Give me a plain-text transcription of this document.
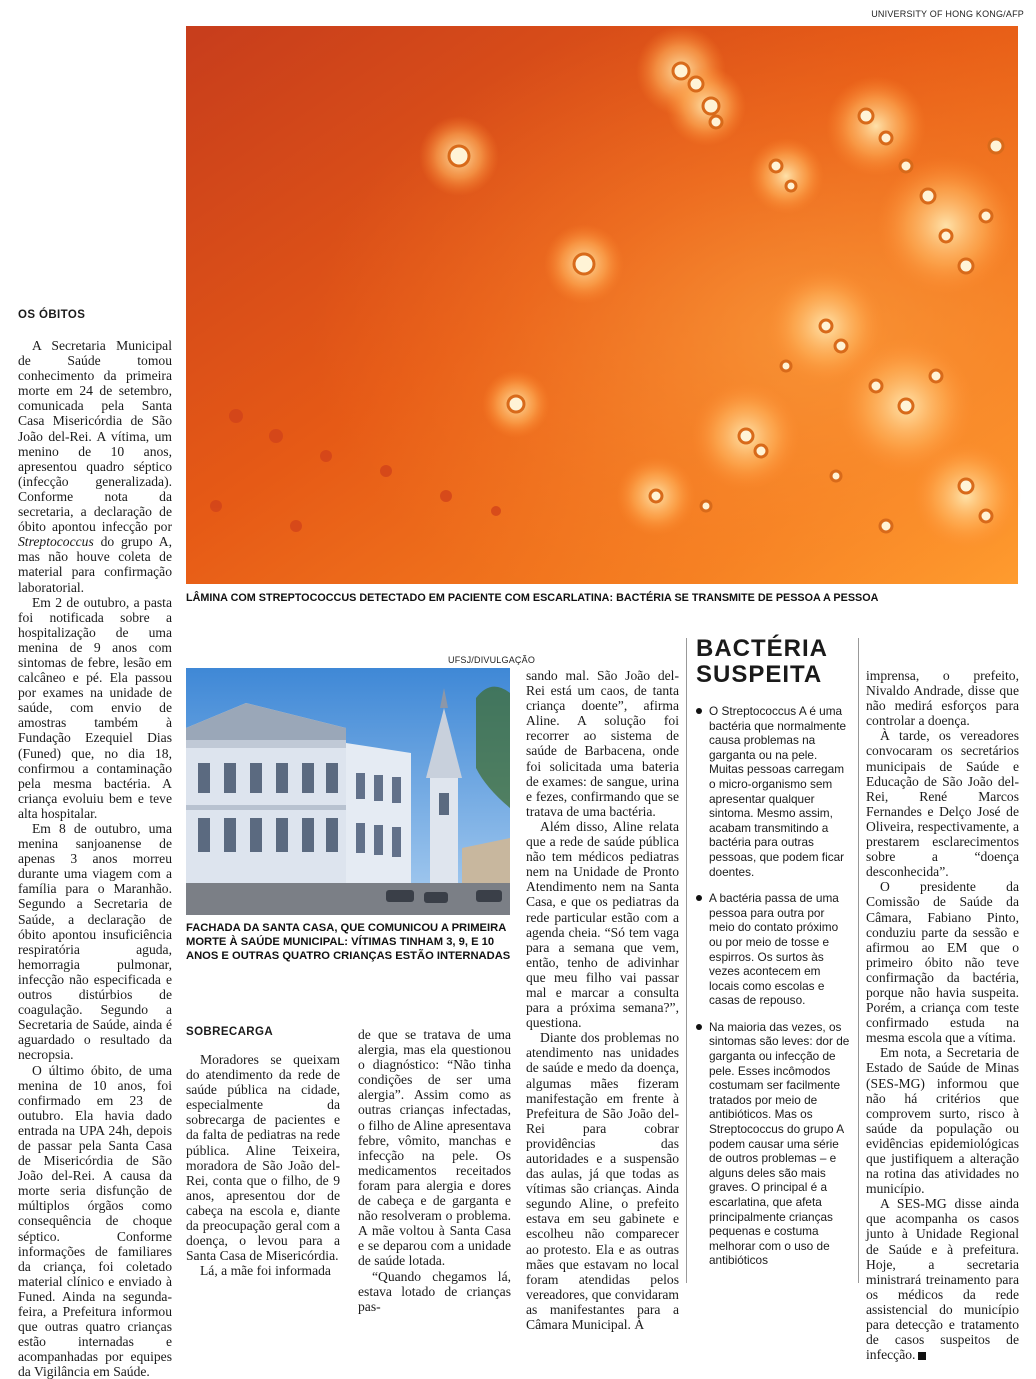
UNIVERSITY OF HONG KONG/AFP
LÂMINA COM STREPTOCOCCUS DETECTADO EM PACIENTE COM ESCARLATINA: BACTÉRIA SE TRANSMITE DE PESSOA A PESSOA
OS ÓBITOS

A Secretaria Municipal de Saúde tomou conhecimento da primeira morte em 24 de setembro, comunicada pela Santa Casa Misericórdia de São João del-Rei. A vítima, um menino de 10 anos, apresentou quadro séptico (infecção generalizada). Conforme nota da secretaria, a declaração de óbito apontou infecção por Streptococcus do grupo A, mas não houve coleta de material para confirmação laboratorial.

Em 2 de outubro, a pasta foi notificada sobre a hospitalização de uma menina de 9 anos com sintomas de febre, lesão em calcâneo e pé. Ela passou por exames na unidade de saúde, com envio de amostras também à Fundação Ezequiel Dias (Funed) que, no dia 18, confirmou a contaminação pela mesma bactéria. A criança evoluiu bem e teve alta hospitalar.

Em 8 de outubro, uma menina sanjoanense de apenas 3 anos morreu durante uma viagem com a família para o Maranhão. Segundo a Secretaria de Saúde, a declaração de óbito apontou insuficiência respiratória aguda, hemorragia pulmonar, infecção não especificada e outros distúrbios de coagulação. Segundo a Secretaria de Saúde, ainda é aguardado o resultado da necropsia.

O último óbito, de uma menina de 10 anos, foi confirmado em 23 de outubro. Ela havia dado entrada na UPA 24h, depois de passar pela Santa Casa de Misericórdia de São João del-Rei. A causa da morte seria disfunção de múltiplos órgãos como consequência de choque séptico. Conforme informações de familiares da criança, foi coletado material clínico e enviado à Funed. Ainda na segunda-feira, a Prefeitura informou que outras quatro crianças estão internadas e acompanhadas por equipes da Vigilância em Saúde.

UFSJ/DIVULGAÇÃO
FACHADA DA SANTA CASA, QUE COMUNICOU A PRIMEIRA MORTE À SAÚDE MUNICIPAL: VÍTIMAS TINHAM 3, 9, E 10 ANOS E OUTRAS QUATRO CRIANÇAS ESTÃO INTERNADAS
SOBRECARGA

Moradores se queixam do atendimento da rede de saúde pública na cidade, especialmente da sobrecarga de pacientes e da falta de pediatras na rede pública. Aline Teixeira, moradora de São João del-Rei, conta que o filho, de 9 anos, apresentou dor de cabeça na escola e, diante da preocupação geral com a doença, o levou para a Santa Casa de Misericórdia.

Lá, a mãe foi informada

de que se tratava de uma alergia, mas ela questionou o diagnóstico: “Não tinha condições de ser uma alergia”. Assim como as outras crianças infectadas, o filho de Aline apresentava febre, vômito, manchas e infecção na pele. Os medicamentos receitados foram para alergia e dores de cabeça e de garganta e não resolveram o problema. A mãe voltou à Santa Casa e se deparou com a unidade de saúde lotada.

“Quando chegamos lá, estava lotado de crianças pas-

sando mal. São João del-Rei está um caos, de tanta criança doente”, afirma Aline. A solução foi recorrer ao sistema de saúde de Barbacena, onde foi solicitada uma bateria de exames: de sangue, urina e fezes, confirmando que se tratava de uma bactéria.

Além disso, Aline relata que a rede de saúde pública não tem médicos pediatras nem na Unidade de Pronto Atendimento nem na Santa Casa, e que os pediatras da rede particular estão com a agenda cheia. “Só tem vaga para a semana que vem, então, tenho de adivinhar que meu filho vai passar mal e marcar a consulta para a próxima semana?”, questiona.

Diante dos problemas no atendimento nas unidades de saúde e medo da doença, algumas mães fizeram manifestação em frente à Prefeitura de São João del-Rei para cobrar providências das autoridades e a suspensão das aulas, já que todas as vítimas são crianças. Ainda segundo Aline, o prefeito estava em seu gabinete e escolheu não comparecer ao protesto. Ela e as outras mães que estavam no local foram atendidas pelos vereadores, que convidaram as manifestantes para a Câmara Municipal. À

BACTÉRIA
SUSPEITA
O Streptococcus A é uma bactéria que normalmente causa problemas na garganta ou na pele. Muitas pessoas carregam o micro-organismo sem apresentar qualquer sintoma. Mesmo assim, acabam transmitindo a bactéria para outras pessoas, que podem ficar doentes.
A bactéria passa de uma pessoa para outra por meio do contato próximo ou por meio de tosse e espirros. Os surtos às vezes acontecem em locais como escolas e casas de repouso.
Na maioria das vezes, os sintomas são leves: dor de garganta ou infecção de pele. Esses incômodos costumam ser facilmente tratados por meio de antibióticos. Mas os Streptococcus do grupo A podem causar uma série de outros problemas – e alguns deles são mais graves. O principal é a escarlatina, que afeta principalmente crianças pequenas e costuma melhorar com o uso de antibióticos

imprensa, o prefeito, Nivaldo Andrade, disse que não medirá esforços para controlar a doença.

À tarde, os vereadores convocaram os secretários municipais de Saúde e Educação de São João del-Rei, René Marcos Fernandes e Delço José de Oliveira, respectivamente, a prestarem esclarecimentos sobre a “doença desconhecida”.

O presidente da Comissão de Saúde da Câmara, Fabiano Pinto, conduziu parte da sessão e afirmou ao EM que o primeiro óbito não teve confirmação da bactéria, porque não havia suspeita. Porém, a criança com teste confirmado estuda na mesma escola que a vítima.

Em nota, a Secretaria de Estado de Saúde de Minas (SES-MG) informou que não há critérios que comprovem surto, risco à saúde da população ou evidências epidemiológicas que justifiquem a alteração na rotina das atividades no município.

A SES-MG disse ainda que acompanha os casos junto à Unidade Regional de Saúde e à prefeitura. Hoje, a secretaria ministrará treinamento para os médicos da rede assistencial do município para detecção e tratamento de casos suspeitos de infecção.
